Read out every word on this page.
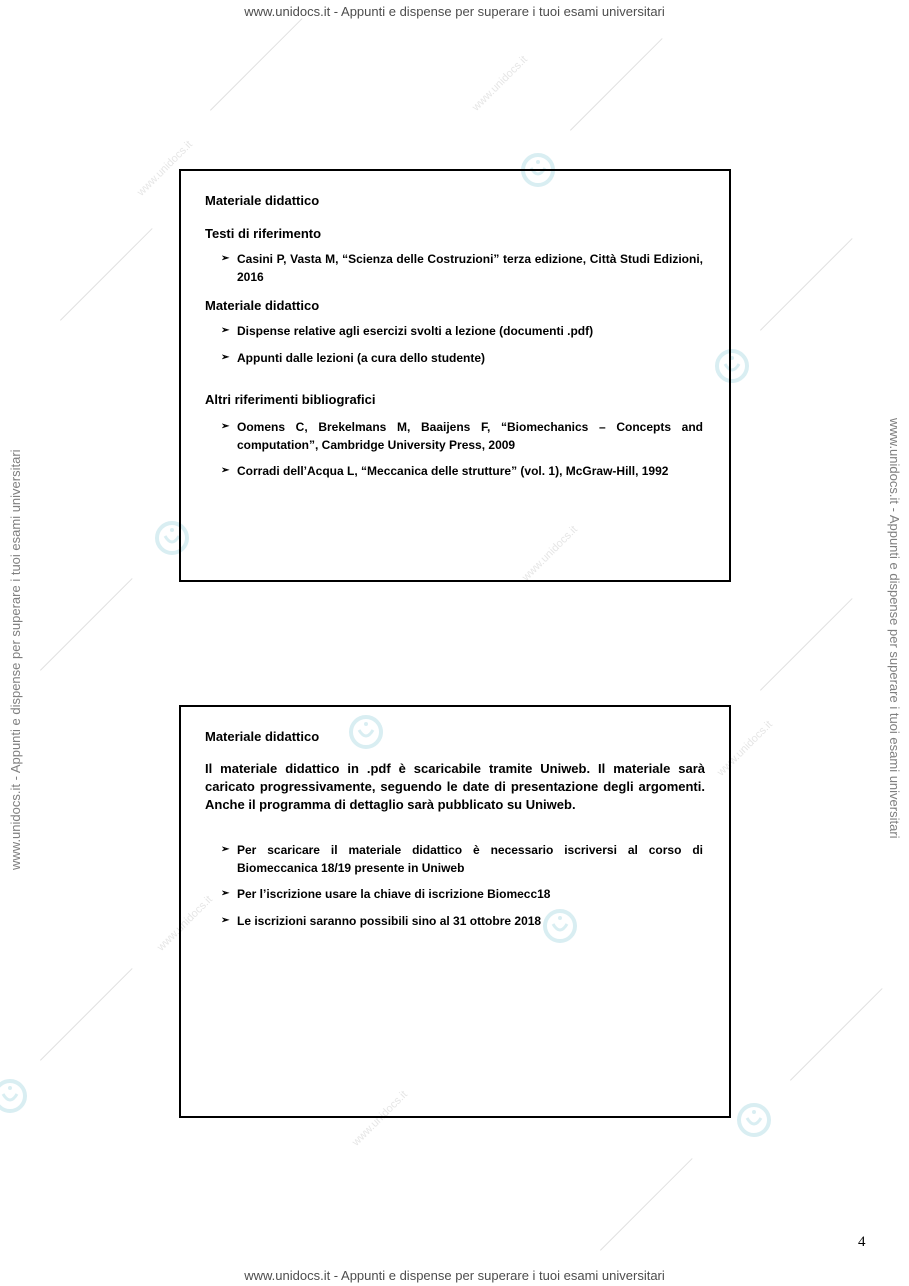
www.unidocs.it
www.unidocs.it
www.unidocs.it
www.unidocs.it
www.unidocs.it
www.unidocs.it
www.unidocs.it - Appunti e dispense per superare i tuoi esami universitari
www.unidocs.it - Appunti e dispense per superare i tuoi esami universitari
www.unidocs.it - Appunti e dispense per superare i tuoi esami universitari	www.unidocs.it - Appunti e dispense per superare i tuoi esami universitari
Materiale didattico
Testi di riferimento
➢ Casini P, Vasta M, “Scienza delle Costruzioni” terza edizione, Città Studi Edizioni, 2016
Materiale didattico
➢ Dispense relative agli esercizi svolti a lezione (documenti .pdf)
➢ Appunti dalle lezioni (a cura dello studente)
Altri riferimenti bibliografici
➢ Oomens C, Brekelmans M, Baaijens F, “Biomechanics – Concepts and computation”, Cambridge University Press, 2009
➢ Corradi dell’Acqua L, “Meccanica delle strutture” (vol. 1), McGraw-Hill, 1992
Materiale didattico
Il materiale didattico in .pdf è scaricabile tramite Uniweb. Il materiale sarà caricato progressivamente, seguendo le date di presentazione degli argomenti. Anche il programma di dettaglio sarà pubblicato su Uniweb.
➢ Per scaricare il materiale didattico è necessario iscriversi al corso di Biomeccanica 18/19 presente in Uniweb
➢ Per l’iscrizione usare la chiave di iscrizione Biomecc18
➢ Le iscrizioni saranno possibili sino al 31 ottobre 2018
4
